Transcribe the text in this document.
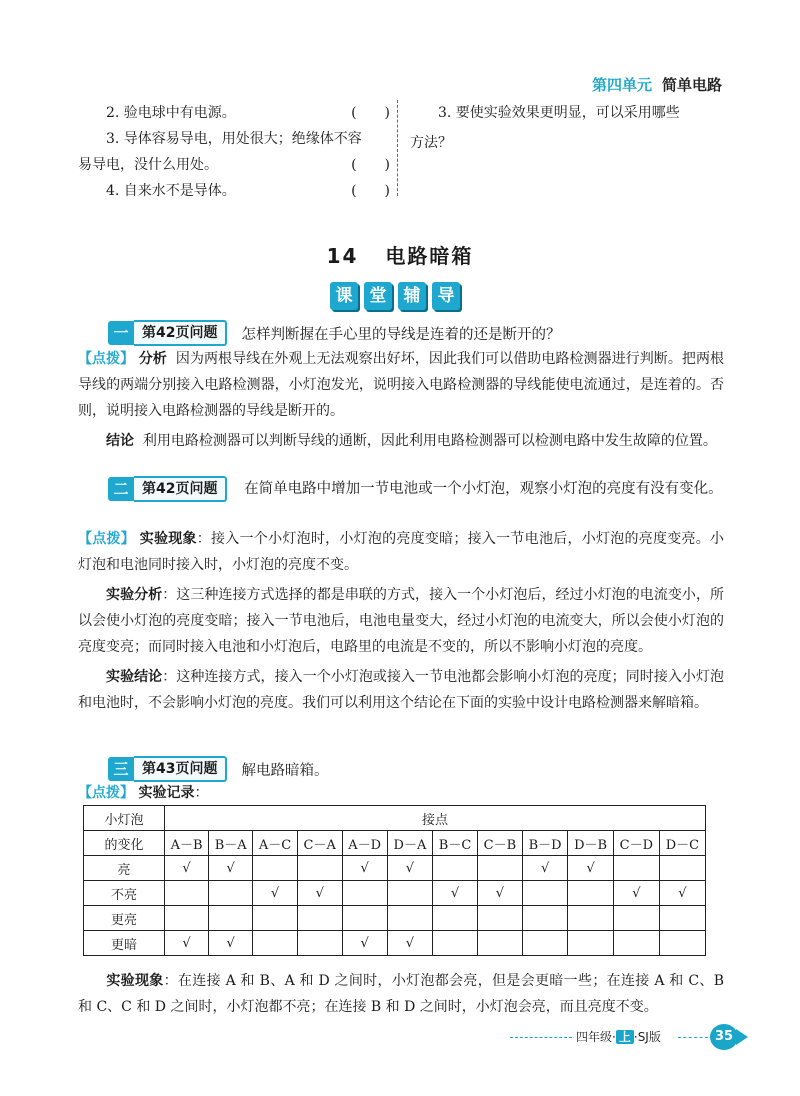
第四单元 简单电路
2. 验电球中有电源。	(　　)
3. 导体容易导电，用处很大；绝缘体不容
易导电，没什么用处。	(　　)
4. 自来水不是导体。	(　　)
3. 要使实验效果更明显，可以采用哪些
方法？
14 电路暗箱
课	堂	辅	导
一 第42页问题	怎样判断握在手心里的导线是连着的还是断开的？
【点拨】 分析 因为两根导线在外观上无法观察出好坏，因此我们可以借助电路检测器进行判断。把两根导线的两端分别接入电路检测器，小灯泡发光，说明接入电路检测器的导线能使电流通过，是连着的。否则，说明接入电路检测器的导线是断开的。
结论 利用电路检测器可以判断导线的通断，因此利用电路检测器可以检测电路中发生故障的位置。
二 第42页问题	在简单电路中增加一节电池或一个小灯泡，观察小灯泡的亮度有没有变化。
【点拨】 实验现象：接入一个小灯泡时，小灯泡的亮度变暗；接入一节电池后，小灯泡的亮度变亮。小灯泡和电池同时接入时，小灯泡的亮度不变。
实验分析：这三种连接方式选择的都是串联的方式，接入一个小灯泡后，经过小灯泡的电流变小，所以会使小灯泡的亮度变暗；接入一节电池后，电池电量变大，经过小灯泡的电流变大，所以会使小灯泡的亮度变亮；而同时接入电池和小灯泡后，电路里的电流是不变的，所以不影响小灯泡的亮度。
实验结论：这种连接方式，接入一个小灯泡或接入一节电池都会影响小灯泡的亮度；同时接入小灯泡和电池时，不会影响小灯泡的亮度。我们可以利用这个结论在下面的实验中设计电路检测器来解暗箱。
三 第43页问题	解电路暗箱。
【点拨】 实验记录：
小灯泡	接点											
的变化	A－B	B－A	A－C	C－A	A－D	D－A	B－C	C－B	B－D	D－B	C－D	D－C
亮	√	√			√	√			√	√		
不亮			√	√			√	√			√	√
更亮												
更暗	√	√			√	√						
实验现象：在连接 A 和 B、A 和 D 之间时，小灯泡都会亮，但是会更暗一些；在连接 A 和 C、B 和 C、C 和 D 之间时，小灯泡都不亮；在连接 B 和 D 之间时，小灯泡会亮，而且亮度不变。
四年级· 上 ·SJ版	35
